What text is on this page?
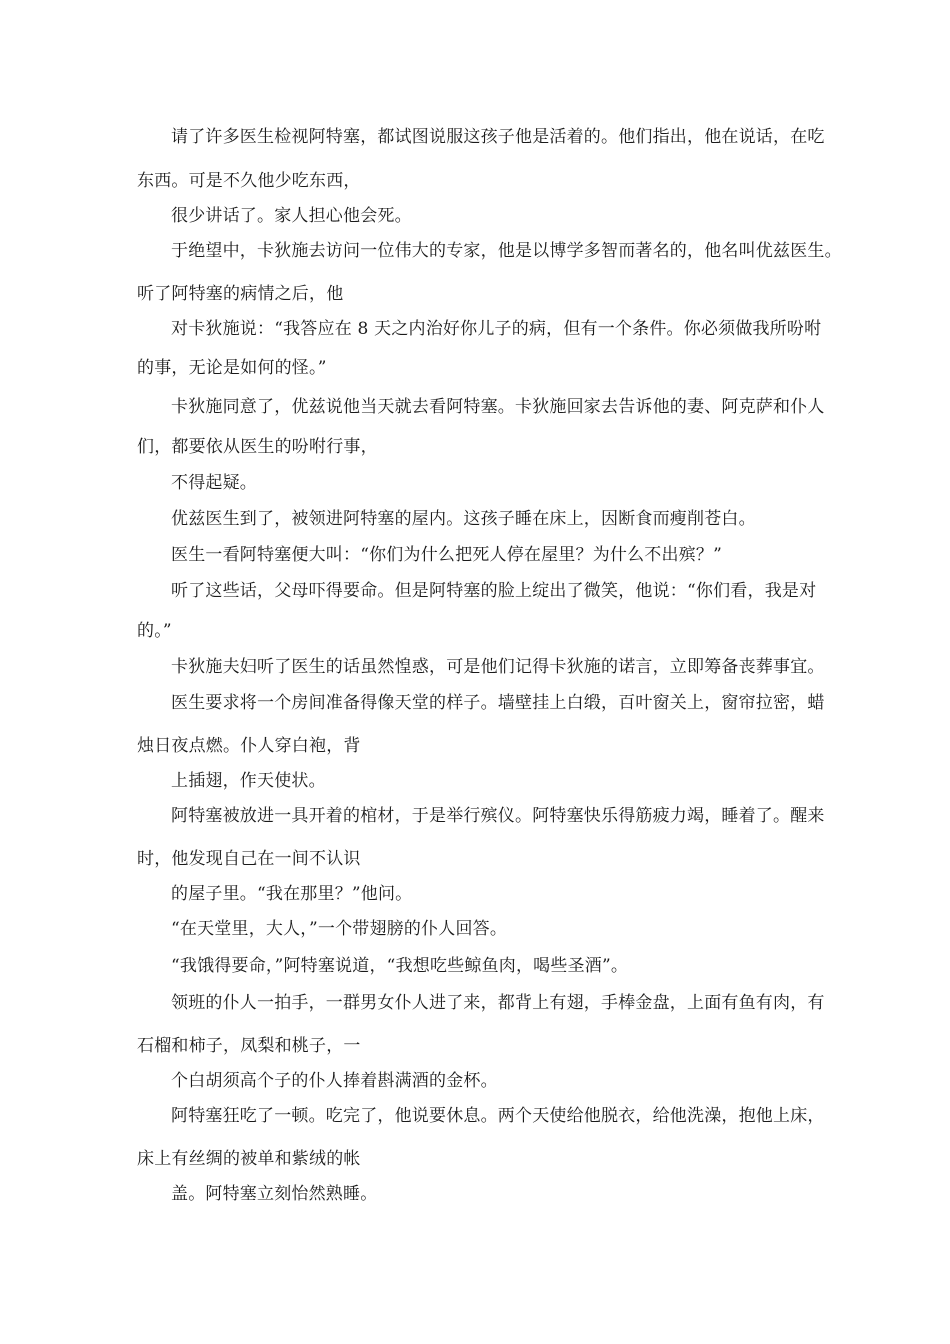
请了许多医生检视阿特塞，都试图说服这孩子他是活着的。他们指出，他在说话，在吃
东西。可是不久他少吃东西，
很少讲话了。家人担心他会死。
于绝望中，卡狄施去访问一位伟大的专家，他是以博学多智而著名的，他名叫优兹医生。
听了阿特塞的病情之后，他
对卡狄施说：“我答应在 8 天之内治好你儿子的病，但有一个条件。你必须做我所吩咐
的事，无论是如何的怪。”
卡狄施同意了，优兹说他当天就去看阿特塞。卡狄施回家去告诉他的妻、阿克萨和仆人
们，都要依从医生的吩咐行事，
不得起疑。
优兹医生到了，被领进阿特塞的屋内。这孩子睡在床上，因断食而瘦削苍白。
医生一看阿特塞便大叫：“你们为什么把死人停在屋里？为什么不出殡？”
听了这些话，父母吓得要命。但是阿特塞的脸上绽出了微笑，他说：“你们看，我是对
的。”
卡狄施夫妇听了医生的话虽然惶惑，可是他们记得卡狄施的诺言，立即筹备丧葬事宜。
医生要求将一个房间准备得像天堂的样子。墙壁挂上白缎，百叶窗关上，窗帘拉密，蜡
烛日夜点燃。仆人穿白袍，背
上插翅，作天使状。
阿特塞被放进一具开着的棺材，于是举行殡仪。阿特塞快乐得筋疲力竭，睡着了。醒来
时，他发现自己在一间不认识
的屋子里。“我在那里？”他问。
“在天堂里，大人，”一个带翅膀的仆人回答。
“我饿得要命，”阿特塞说道，“我想吃些鲸鱼肉，喝些圣酒”。
领班的仆人一拍手，一群男女仆人进了来，都背上有翅，手棒金盘，上面有鱼有肉，有
石榴和柿子，凤梨和桃子，一
个白胡须高个子的仆人捧着斟满酒的金杯。
阿特塞狂吃了一顿。吃完了，他说要休息。两个天使给他脱衣，给他洗澡，抱他上床，
床上有丝绸的被单和紫绒的帐
盖。阿特塞立刻怡然熟睡。
